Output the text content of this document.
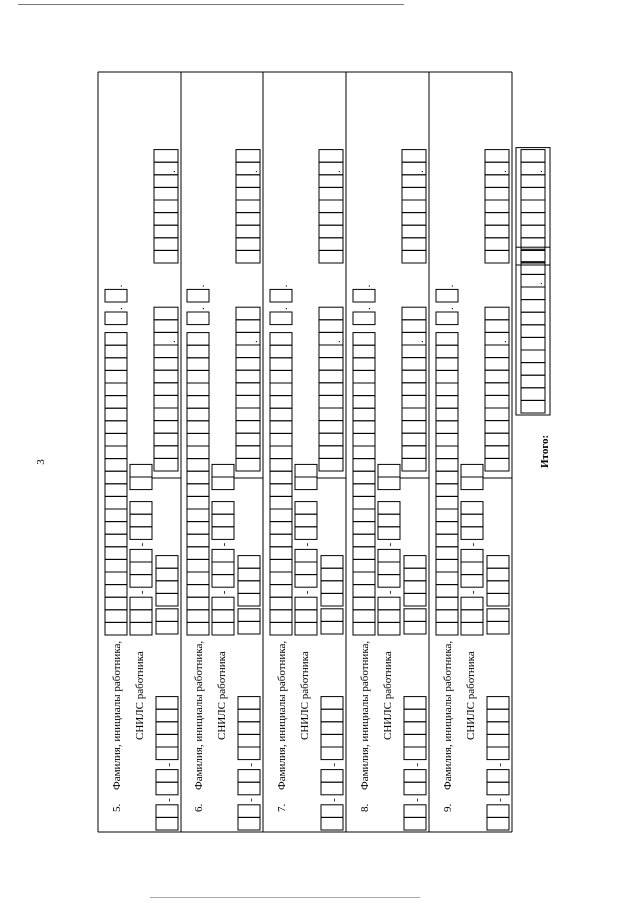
3
5.
Фамилия, инициалы работника, СНИЛС работника
.
.
-
-
-
-
.
.
6.
Фамилия, инициалы работника, СНИЛС работника
.
.
-
-
-
-
.
.
7.
Фамилия, инициалы работника, СНИЛС работника
.
.
-
-
-
-
.
.
8.
Фамилия, инициалы работника, СНИЛС работника
.
.
-
-
-
-
.
.
9.
Фамилия, инициалы работника, СНИЛС работника
.
.
-
-
-
-
.
.
Итого:
.
.
